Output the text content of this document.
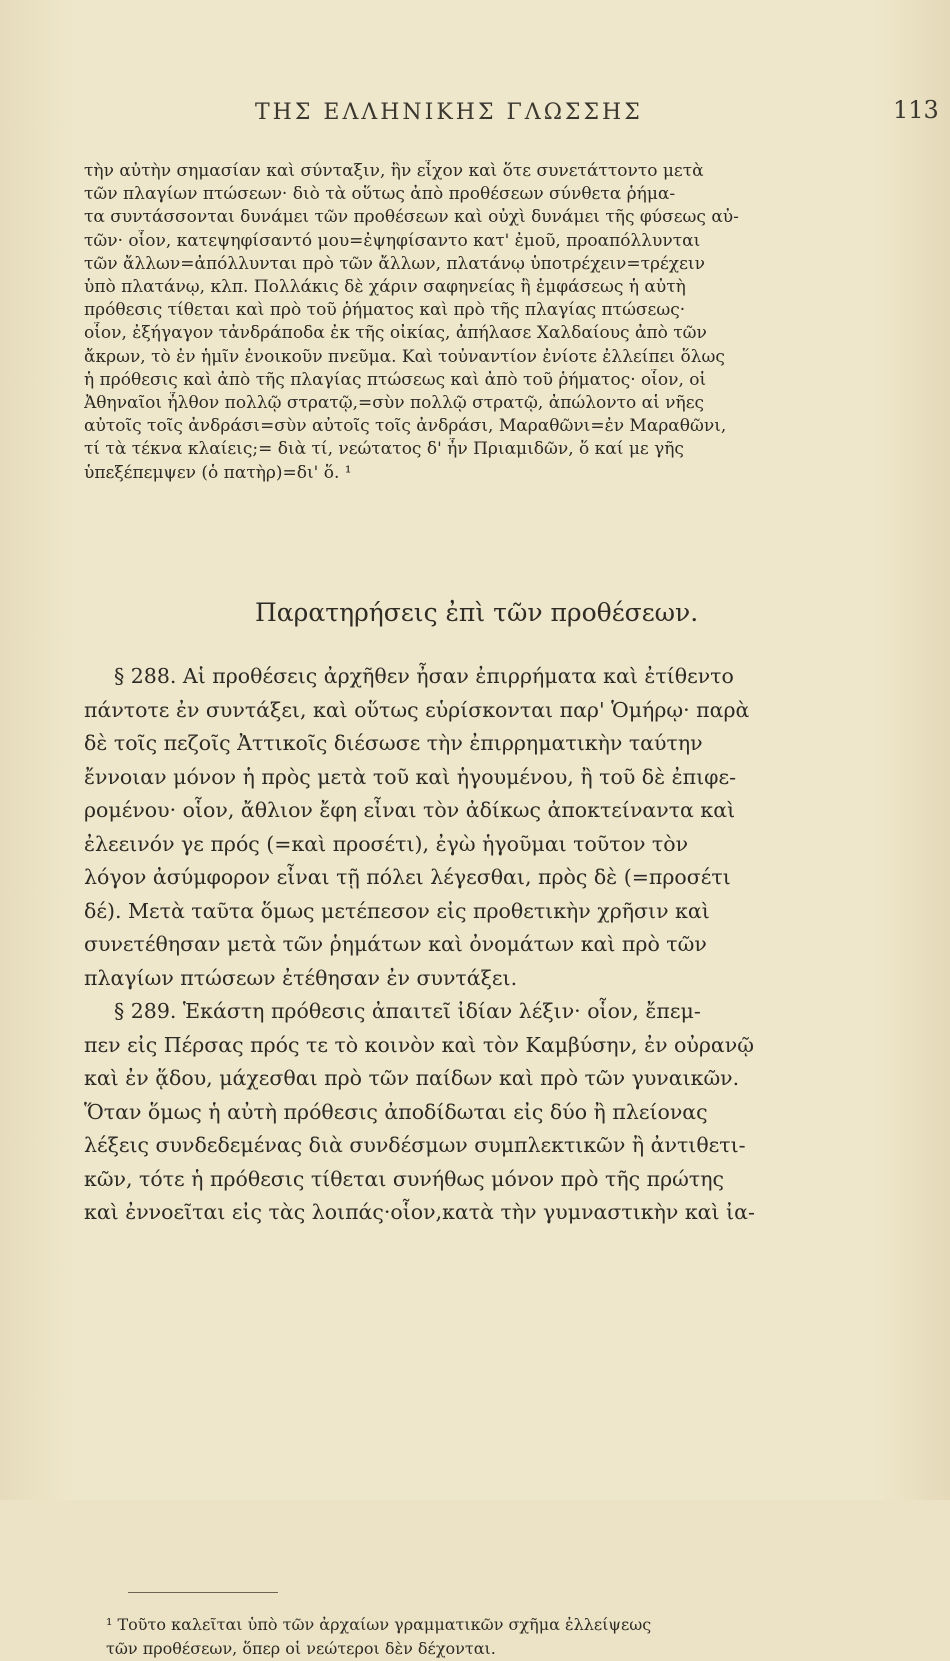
ΤΗΣ ΕΛΛΗΝΙΚΗΣ ΓΛΩΣΣΗΣ	113
τὴν αὐτὴν σημασίαν καὶ σύνταξιν, ἣν εἶχον καὶ ὅτε συνετάττοντο μετὰ
τῶν πλαγίων πτώσεων· διὸ τὰ οὕτως ἀπὸ προθέσεων σύνθετα ῥήμα-
τα συντάσσονται δυνάμει τῶν προθέσεων καὶ οὐχὶ δυνάμει τῆς φύσεως αὐ-
τῶν· οἷον, κατεψηφίσαντό μου=ἐψηφίσαντο κατ' ἐμοῦ, προαπόλλυνται
τῶν ἄλλων=ἀπόλλυνται πρὸ τῶν ἄλλων, πλατάνῳ ὑποτρέχειν=τρέχειν
ὑπὸ πλατάνῳ, κλπ. Πολλάκις δὲ χάριν σαφηνείας ἢ ἐμφάσεως ἡ αὐτὴ
πρόθεσις τίθεται καὶ πρὸ τοῦ ῥήματος καὶ πρὸ τῆς πλαγίας πτώσεως·
οἷον, ἐξήγαγον τἀνδράποδα ἐκ τῆς οἰκίας, ἀπήλασε Χαλδαίους ἀπὸ τῶν
ἄκρων, τὸ ἐν ἡμῖν ἐνοικοῦν πνεῦμα. Καὶ τοὐναντίον ἐνίοτε ἐλλείπει ὅλως
ἡ πρόθεσις καὶ ἀπὸ τῆς πλαγίας πτώσεως καὶ ἀπὸ τοῦ ῥήματος· οἷον, οἱ
Ἀθηναῖοι ἦλθον πολλῷ στρατῷ,=σὺν πολλῷ στρατῷ, ἀπώλοντο αἱ νῆες
αὐτοῖς τοῖς ἀνδράσι=σὺν αὐτοῖς τοῖς ἀνδράσι, Μαραθῶνι=ἐν Μαραθῶνι,
τί τὰ τέκνα κλαίεις;= διὰ τί, νεώτατος δ' ἦν Πριαμιδῶν, ὅ καί με γῆς
ὑπεξέπεμψεν (ὁ πατὴρ)=δι' ὅ. ¹
Παρατηρήσεις ἐπὶ τῶν προθέσεων.
§ 288. Αἱ προθέσεις ἀρχῆθεν ἦσαν ἐπιρρήματα καὶ ἐτίθεντο
πάντοτε ἐν συντάξει, καὶ οὕτως εὑρίσκονται παρ' Ὁμήρῳ· παρὰ
δὲ τοῖς πεζοῖς Ἀττικοῖς διέσωσε τὴν ἐπιρρηματικὴν ταύτην
ἔννοιαν μόνον ἡ πρὸς μετὰ τοῦ καὶ ἡγουμένου, ἢ τοῦ δὲ ἐπιφε-
ρομένου· οἷον, ἄθλιον ἔφη εἶναι τὸν ἀδίκως ἀποκτείναντα καὶ
ἐλεεινόν γε πρός (=καὶ προσέτι), ἐγὼ ἡγοῦμαι τοῦτον τὸν
λόγον ἀσύμφορον εἶναι τῇ πόλει λέγεσθαι, πρὸς δὲ (=προσέτι
δέ). Μετὰ ταῦτα ὅμως μετέπεσον εἰς προθετικὴν χρῆσιν καὶ
συνετέθησαν μετὰ τῶν ῥημάτων καὶ ὀνομάτων καὶ πρὸ τῶν
πλαγίων πτώσεων ἐτέθησαν ἐν συντάξει.
§ 289. Ἑκάστη πρόθεσις ἀπαιτεῖ ἰδίαν λέξιν· οἷον, ἔπεμ-
πεν εἰς Πέρσας πρός τε τὸ κοινὸν καὶ τὸν Καμβύσην, ἐν οὐρανῷ
καὶ ἐν ᾅδου, μάχεσθαι πρὸ τῶν παίδων καὶ πρὸ τῶν γυναικῶν.
Ὅταν ὅμως ἡ αὐτὴ πρόθεσις ἀποδίδωται εἰς δύο ἢ πλείονας
λέξεις συνδεδεμένας διὰ συνδέσμων συμπλεκτικῶν ἢ ἀντιθετι-
κῶν, τότε ἡ πρόθεσις τίθεται συνήθως μόνον πρὸ τῆς πρώτης
καὶ ἐννοεῖται εἰς τὰς λοιπάς·οἷον,κατὰ τὴν γυμναστικὴν καὶ ἰα-
¹ Τοῦτο καλεῖται ὑπὸ τῶν ἀρχαίων γραμματικῶν σχῆμα ἐλλείψεως
τῶν προθέσεων, ὅπερ οἱ νεώτεροι δὲν δέχονται.
